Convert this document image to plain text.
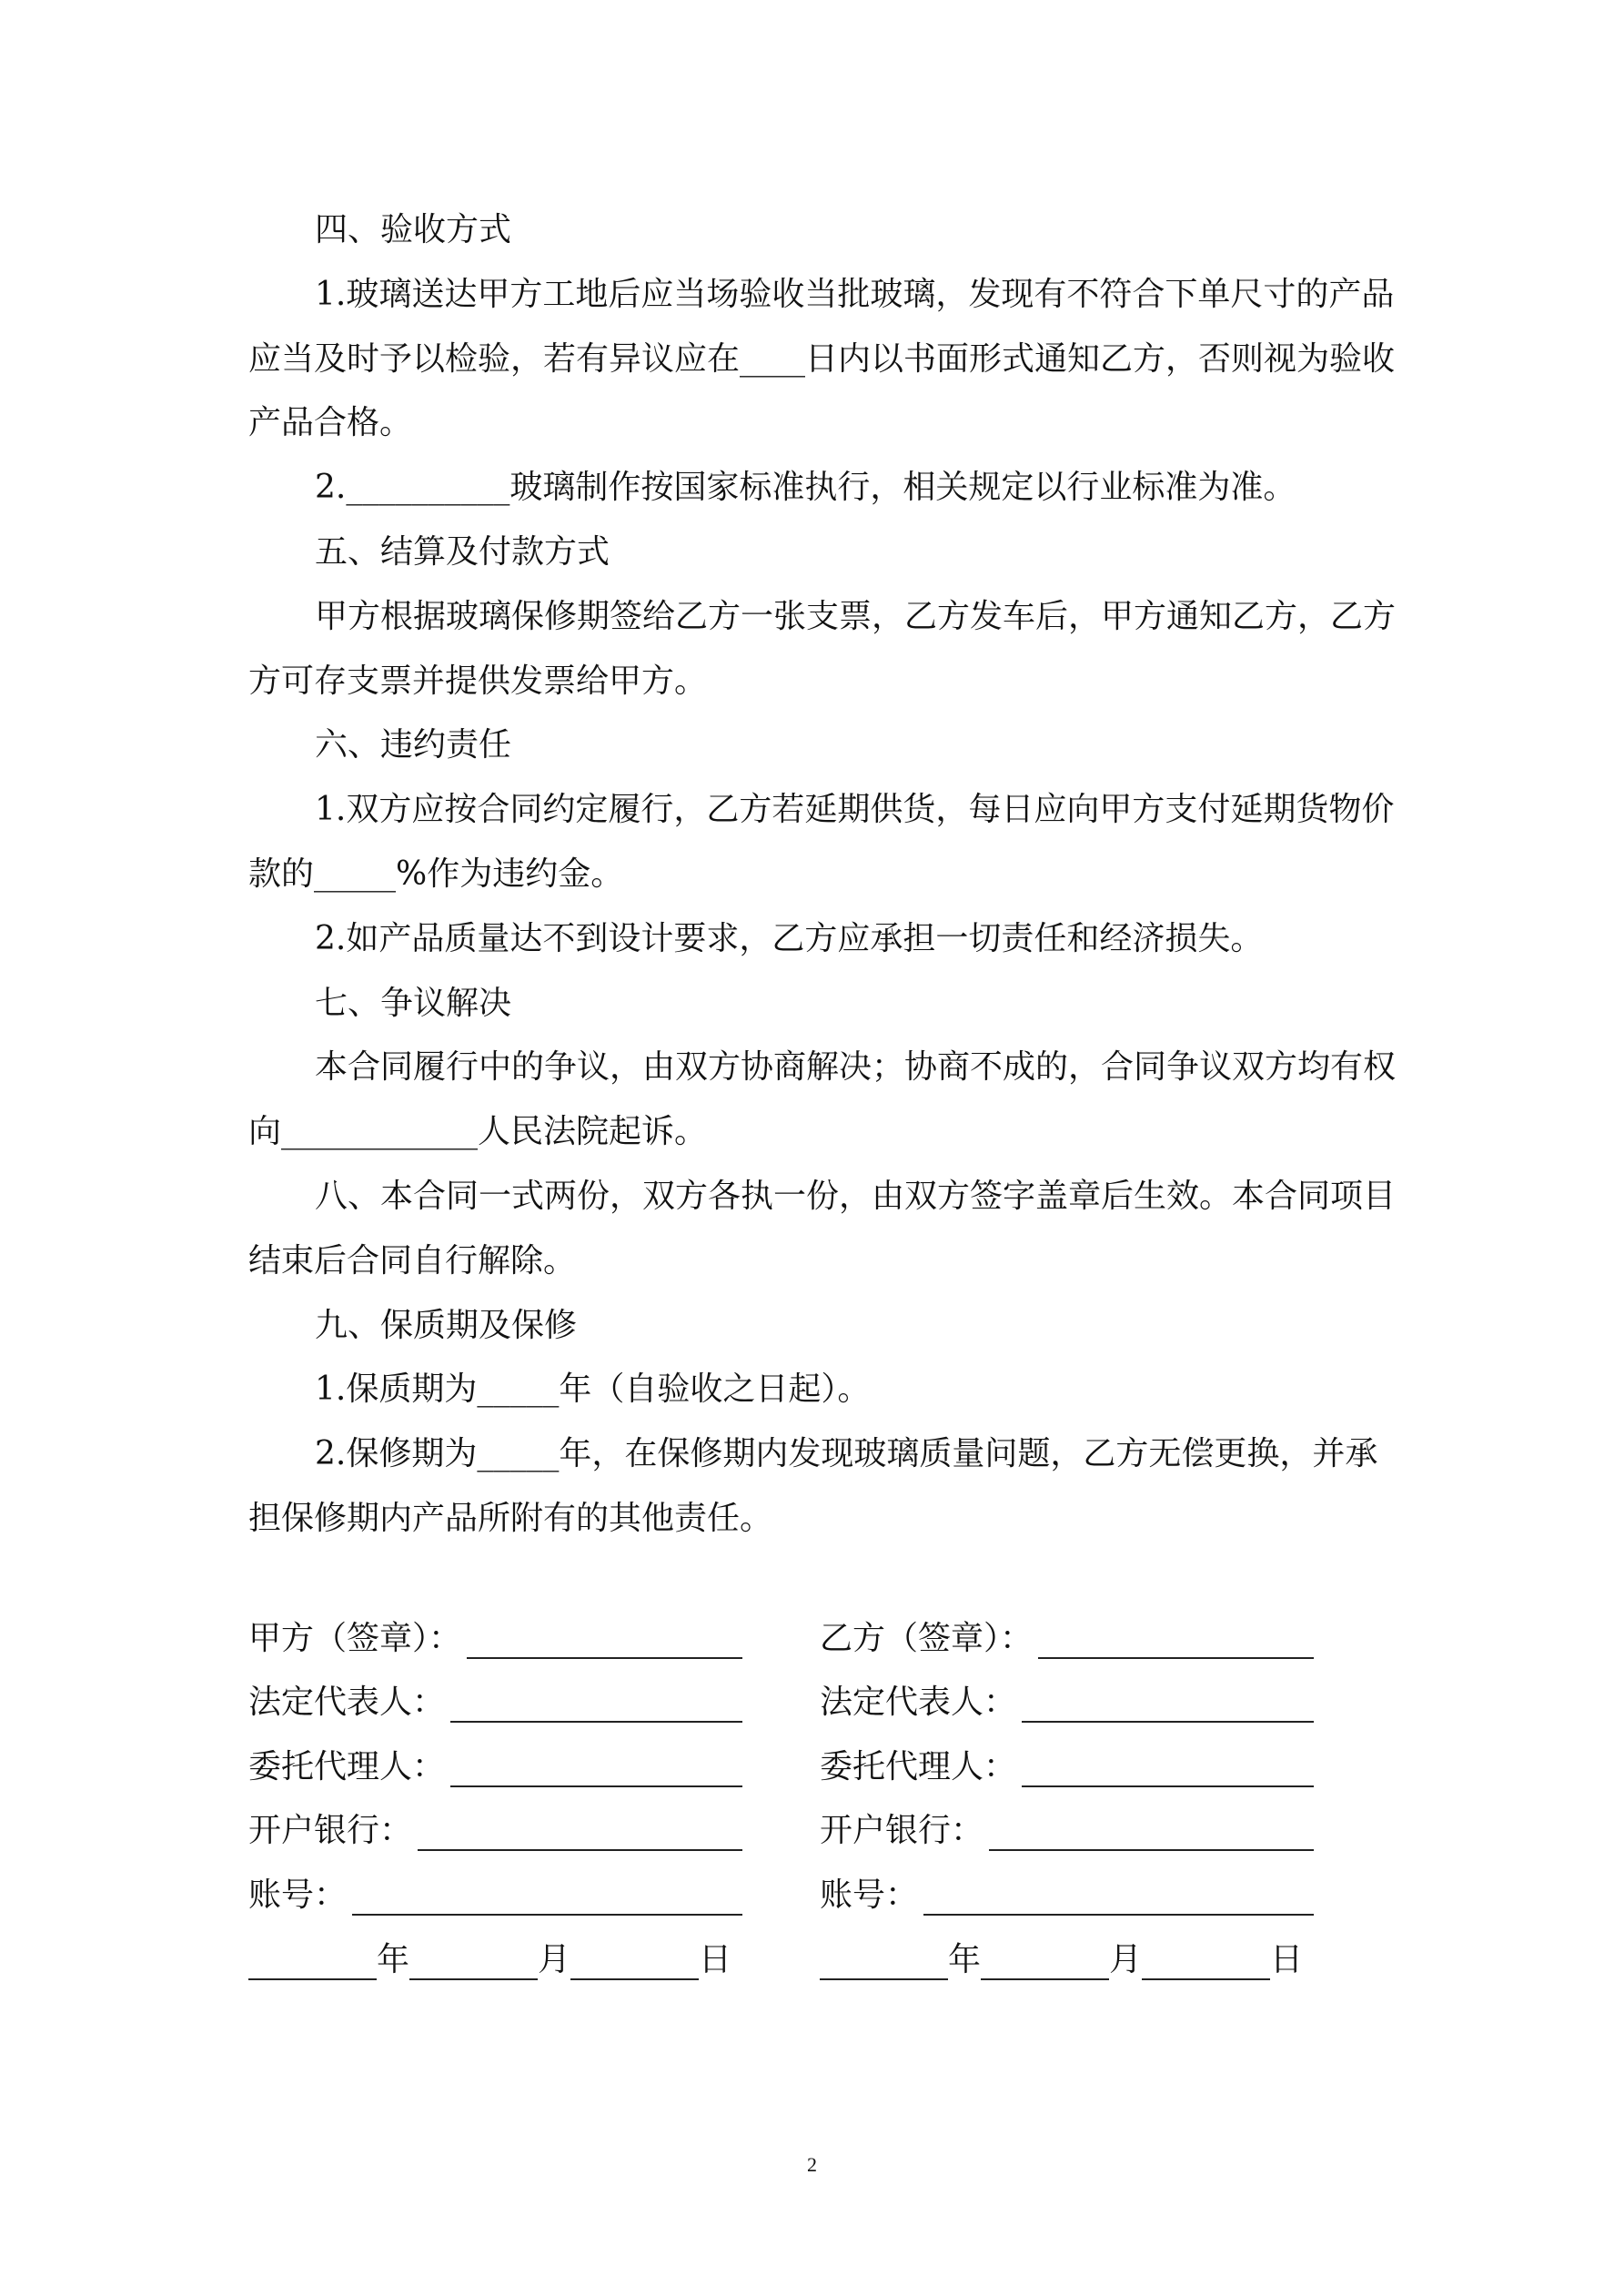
四、验收方式
1.玻璃送达甲方工地后应当场验收当批玻璃，发现有不符合下单尺寸的产品
应当及时予以检验，若有异议应在____日内以书面形式通知乙方，否则视为验收
产品合格。
2.__________玻璃制作按国家标准执行，相关规定以行业标准为准。
五、结算及付款方式
甲方根据玻璃保修期签给乙方一张支票，乙方发车后，甲方通知乙方，乙方
方可存支票并提供发票给甲方。
六、违约责任
1.双方应按合同约定履行，乙方若延期供货，每日应向甲方支付延期货物价
款的_____%作为违约金。
2.如产品质量达不到设计要求，乙方应承担一切责任和经济损失。
七、争议解决
本合同履行中的争议，由双方协商解决；协商不成的，合同争议双方均有权
向____________人民法院起诉。
八、本合同一式两份，双方各执一份，由双方签字盖章后生效。本合同项目
结束后合同自行解除。
九、保质期及保修
1.保质期为_____年（自验收之日起）。
2.保修期为_____年，在保修期内发现玻璃质量问题，乙方无偿更换，并承
担保修期内产品所附有的其他责任。
甲方（签章）：
法定代表人：
委托代理人：
开户银行：
账号：
年	月	日
乙方（签章）：
法定代表人：
委托代理人：
开户银行：
账号：
年	月	日
2
